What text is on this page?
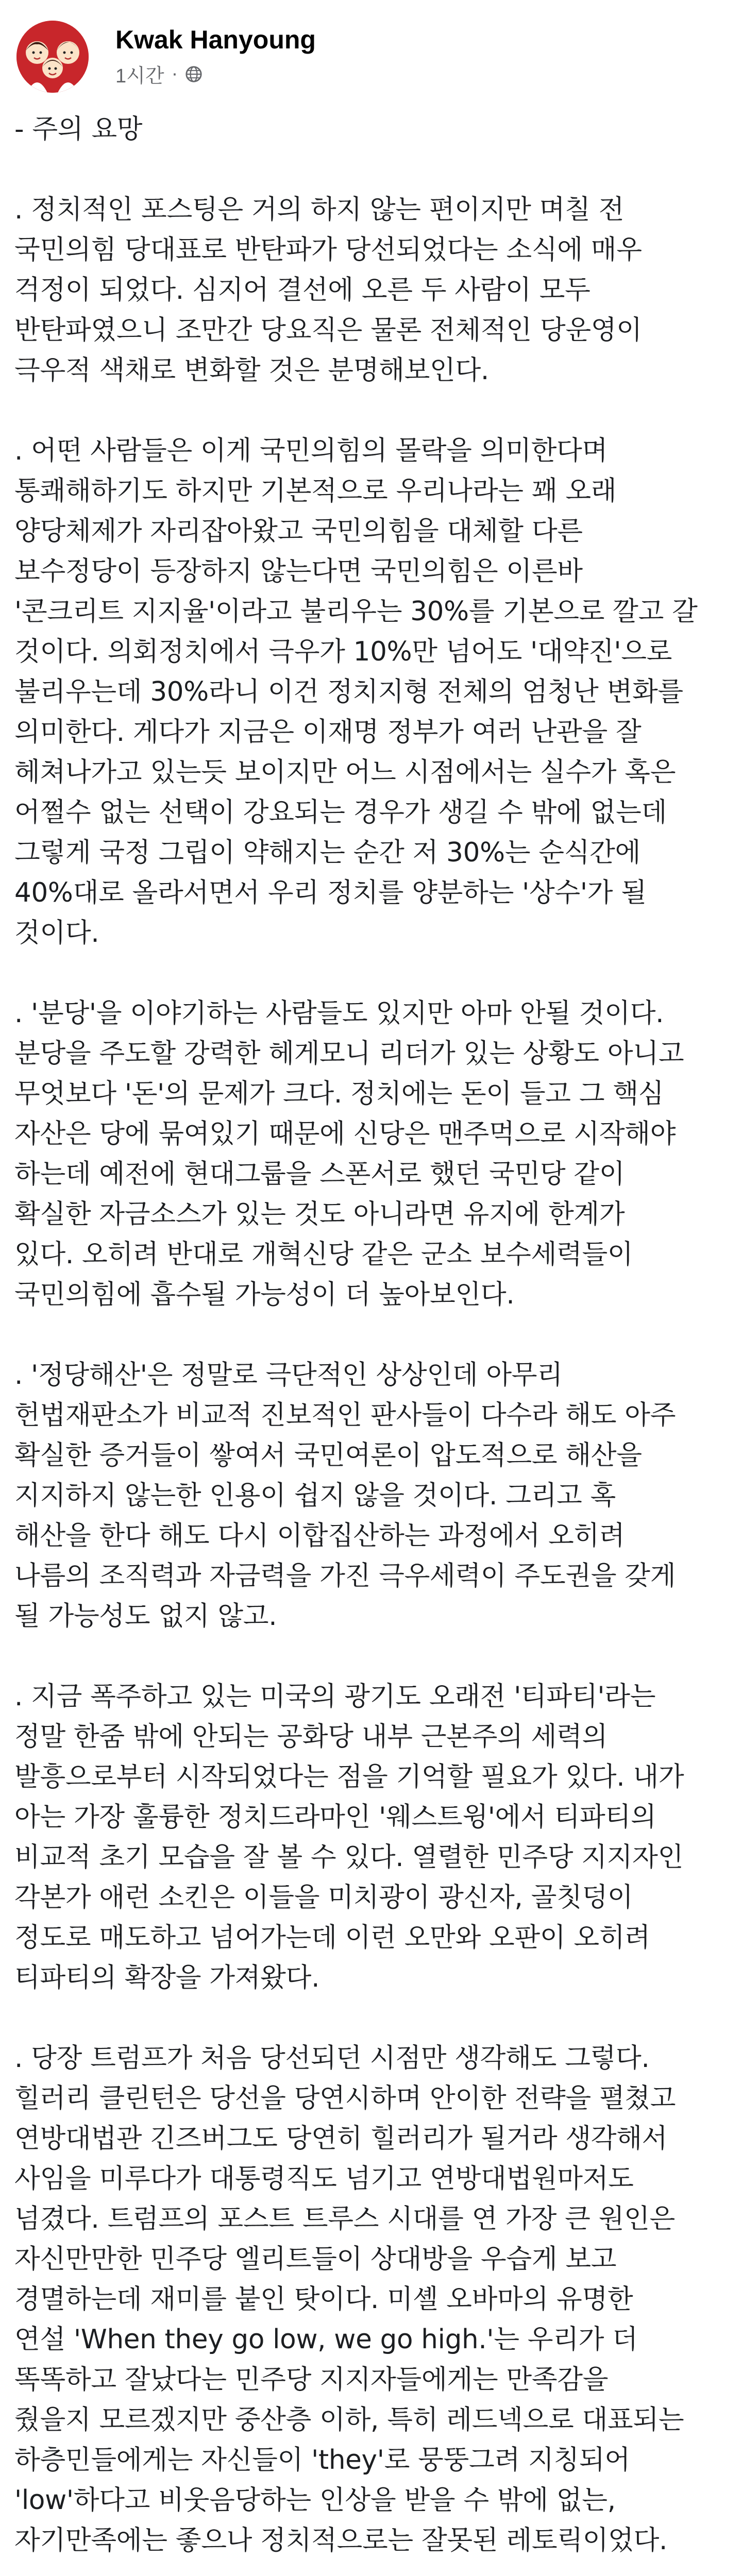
Kwak Hanyoung
1시간 ·

- 주의 요망

. 정치적인 포스팅은 거의 하지 않는 편이지만 며칠 전
국민의힘 당대표로 반탄파가 당선되었다는 소식에 매우
걱정이 되었다. 심지어 결선에 오른 두 사람이 모두
반탄파였으니 조만간 당요직은 물론 전체적인 당운영이
극우적 색채로 변화할 것은 분명해보인다.

. 어떤 사람들은 이게 국민의힘의 몰락을 의미한다며
통쾌해하기도 하지만 기본적으로 우리나라는 꽤 오래
양당체제가 자리잡아왔고 국민의힘을 대체할 다른
보수정당이 등장하지 않는다면 국민의힘은 이른바
'콘크리트 지지율'이라고 불리우는 30%를 기본으로 깔고 갈
것이다. 의회정치에서 극우가 10%만 넘어도 '대약진'으로
불리우는데 30%라니 이건 정치지형 전체의 엄청난 변화를
의미한다. 게다가 지금은 이재명 정부가 여러 난관을 잘
헤쳐나가고 있는듯 보이지만 어느 시점에서는 실수가 혹은
어쩔수 없는 선택이 강요되는 경우가 생길 수 밖에 없는데
그렇게 국정 그립이 약해지는 순간 저 30%는 순식간에
40%대로 올라서면서 우리 정치를 양분하는 '상수'가 될
것이다.

. '분당'을 이야기하는 사람들도 있지만 아마 안될 것이다.
분당을 주도할 강력한 헤게모니 리더가 있는 상황도 아니고
무엇보다 '돈'의 문제가 크다. 정치에는 돈이 들고 그 핵심
자산은 당에 묶여있기 때문에 신당은 맨주먹으로 시작해야
하는데 예전에 현대그룹을 스폰서로 했던 국민당 같이
확실한 자금소스가 있는 것도 아니라면 유지에 한계가
있다. 오히려 반대로 개혁신당 같은 군소 보수세력들이
국민의힘에 흡수될 가능성이 더 높아보인다.

. '정당해산'은 정말로 극단적인 상상인데 아무리
헌법재판소가 비교적 진보적인 판사들이 다수라 해도 아주
확실한 증거들이 쌓여서 국민여론이 압도적으로 해산을
지지하지 않는한 인용이 쉽지 않을 것이다. 그리고 혹
해산을 한다 해도 다시 이합집산하는 과정에서 오히려
나름의 조직력과 자금력을 가진 극우세력이 주도권을 갖게
될 가능성도 없지 않고.

. 지금 폭주하고 있는 미국의 광기도 오래전 '티파티'라는
정말 한줌 밖에 안되는 공화당 내부 근본주의 세력의
발흥으로부터 시작되었다는 점을 기억할 필요가 있다. 내가
아는 가장 훌륭한 정치드라마인 '웨스트윙'에서 티파티의
비교적 초기 모습을 잘 볼 수 있다. 열렬한 민주당 지지자인
각본가 애런 소킨은 이들을 미치광이 광신자, 골칫덩이
정도로 매도하고 넘어가는데 이런 오만와 오판이 오히려
티파티의 확장을 가져왔다.

. 당장 트럼프가 처음 당선되던 시점만 생각해도 그렇다.
힐러리 클린턴은 당선을 당연시하며 안이한 전략을 펼쳤고
연방대법관 긴즈버그도 당연히 힐러리가 될거라 생각해서
사임을 미루다가 대통령직도 넘기고 연방대법원마저도
넘겼다. 트럼프의 포스트 트루스 시대를 연 가장 큰 원인은
자신만만한 민주당 엘리트들이 상대방을 우습게 보고
경멸하는데 재미를 붙인 탓이다. 미셸 오바마의 유명한
연설 'When they go low, we go high.'는 우리가 더
똑똑하고 잘났다는 민주당 지지자들에게는 만족감을
줬을지 모르겠지만 중산층 이하, 특히 레드넥으로 대표되는
하층민들에게는 자신들이 'they'로 뭉뚱그려 지칭되어
'low'하다고 비웃음당하는 인상을 받을 수 밖에 없는,
자기만족에는 좋으나 정치적으로는 잘못된 레토릭이었다.
